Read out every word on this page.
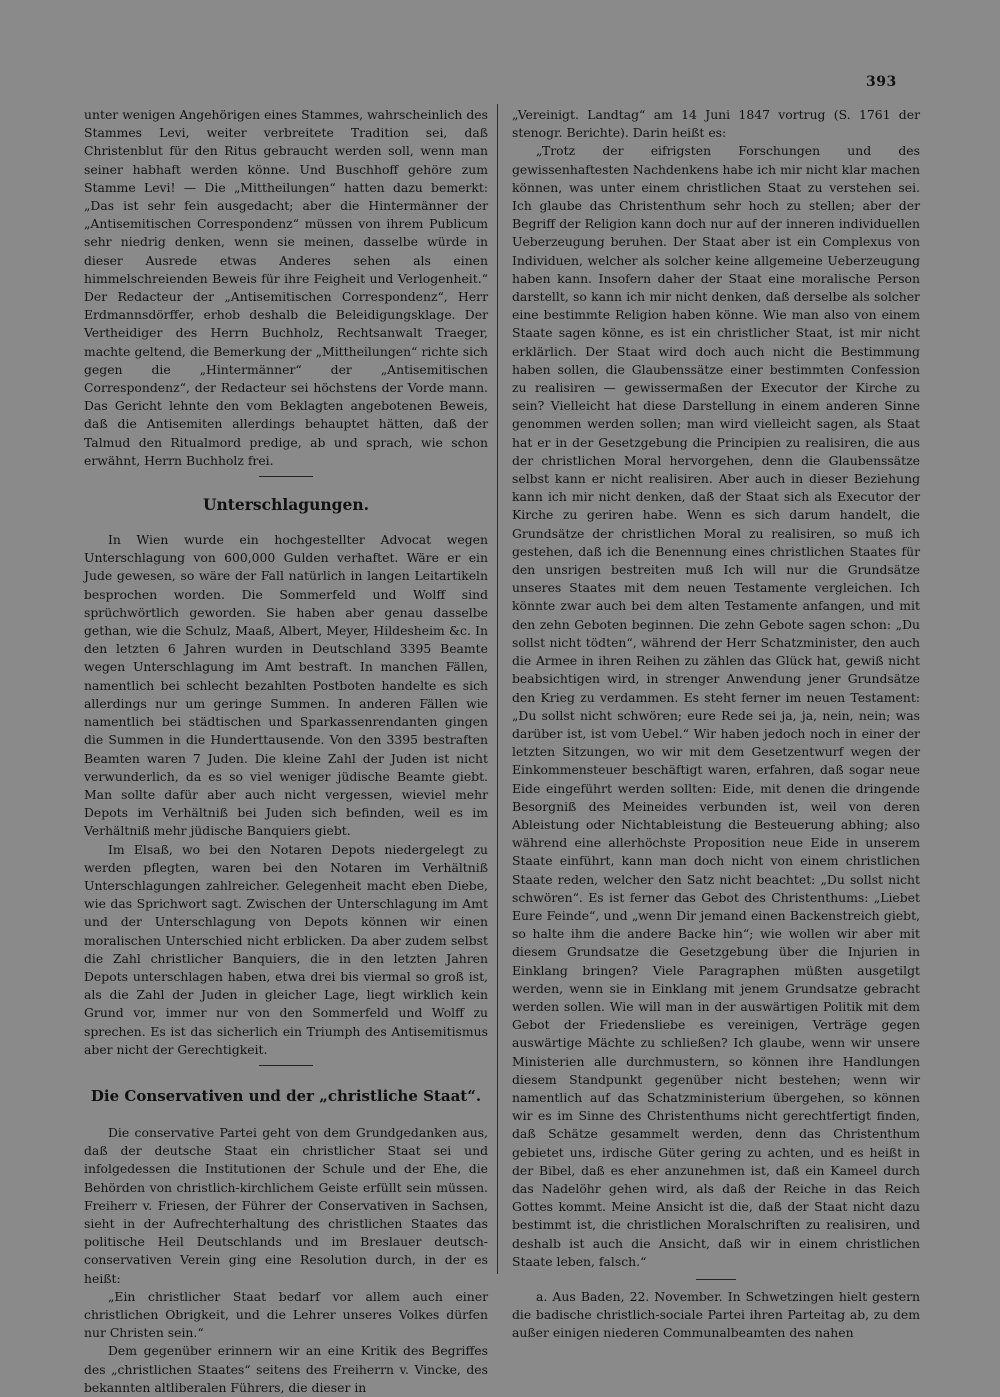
393

unter wenigen Angehörigen eines Stammes, wahrscheinlich des Stammes Levi, weiter verbreitete Tradition sei, daß Christenblut für den Ritus gebraucht werden soll, wenn man seiner habhaft werden könne. Und Buschhoff gehöre zum Stamme Levi! — Die „Mittheilungen“ hatten dazu bemerkt: „Das ist sehr fein ausgedacht; aber die Hintermänner der „Antisemitischen Correspondenz“ müssen von ihrem Publicum sehr niedrig denken, wenn sie meinen, dasselbe würde in dieser Ausrede etwas Anderes sehen als einen himmelschreienden Beweis für ihre Feigheit und Verlogenheit.“ Der Redacteur der „Antisemitischen Correspondenz“, Herr Erdmannsdörffer, erhob deshalb die Beleidigungsklage. Der Vertheidiger des Herrn Buchholz, Rechtsanwalt Traeger, machte geltend, die Bemerkung der „Mittheilungen“ richte sich gegen die „Hintermänner“ der „Antisemitischen Correspondenz“, der Redacteur sei höchstens der Vorde mann. Das Gericht lehnte den vom Beklagten angebotenen Beweis, daß die Antisemiten allerdings behauptet hätten, daß der Talmud den Ritualmord predige, ab und sprach, wie schon erwähnt, Herrn Buchholz frei.

Unterschlagungen.

In Wien wurde ein hochgestellter Advocat wegen Unterschlagung von 600,000 Gulden verhaftet. Wäre er ein Jude gewesen, so wäre der Fall natürlich in langen Leitartikeln besprochen worden. Die Sommerfeld und Wolff sind sprüchwörtlich geworden. Sie haben aber genau dasselbe gethan, wie die Schulz, Maaß, Albert, Meyer, Hildesheim &c. In den letzten 6 Jahren wurden in Deutschland 3395 Beamte wegen Unterschlagung im Amt bestraft. In manchen Fällen, namentlich bei schlecht bezahlten Postboten handelte es sich allerdings nur um geringe Summen. In anderen Fällen wie namentlich bei städtischen und Sparkassenrendanten gingen die Summen in die Hunderttausende. Von den 3395 bestraften Beamten waren 7 Juden. Die kleine Zahl der Juden ist nicht verwunderlich, da es so viel weniger jüdische Beamte giebt. Man sollte dafür aber auch nicht vergessen, wieviel mehr Depots im Verhältniß bei Juden sich befinden, weil es im Verhältniß mehr jüdische Banquiers giebt.

Im Elsaß, wo bei den Notaren Depots niedergelegt zu werden pflegten, waren bei den Notaren im Verhältniß Unterschlagungen zahlreicher. Gelegenheit macht eben Diebe, wie das Sprichwort sagt. Zwischen der Unterschlagung im Amt und der Unterschlagung von Depots können wir einen moralischen Unterschied nicht erblicken. Da aber zudem selbst die Zahl christlicher Banquiers, die in den letzten Jahren Depots unterschlagen haben, etwa drei bis viermal so groß ist, als die Zahl der Juden in gleicher Lage, liegt wirklich kein Grund vor, immer nur von den Sommerfeld und Wolff zu sprechen. Es ist das sicherlich ein Triumph des Antisemitismus aber nicht der Gerechtigkeit.

Die Conservativen und der „christliche Staat“.

Die conservative Partei geht von dem Grundgedanken aus, daß der deutsche Staat ein christlicher Staat sei und infolgedessen die Institutionen der Schule und der Ehe, die Behörden von christlich-kirchlichem Geiste erfüllt sein müssen. Freiherr v. Friesen, der Führer der Conservativen in Sachsen, sieht in der Aufrechterhaltung des christlichen Staates das politische Heil Deutschlands und im Breslauer deutsch-conservativen Verein ging eine Resolution durch, in der es heißt:

„Ein christlicher Staat bedarf vor allem auch einer christlichen Obrigkeit, und die Lehrer unseres Volkes dürfen nur Christen sein.“

Dem gegenüber erinnern wir an eine Kritik des Begriffes des „christlichen Staates“ seitens des Freiherrn v. Vincke, des bekannten altliberalen Führers, die dieser in

„Vereinigt. Landtag“ am 14 Juni 1847 vortrug (S. 1761 der stenogr. Berichte). Darin heißt es:

„Trotz der eifrigsten Forschungen und des gewissenhaftesten Nachdenkens habe ich mir nicht klar machen können, was unter einem christlichen Staat zu verstehen sei. Ich glaube das Christenthum sehr hoch zu stellen; aber der Begriff der Religion kann doch nur auf der inneren individuellen Ueberzeugung beruhen. Der Staat aber ist ein Complexus von Individuen, welcher als solcher keine allgemeine Ueberzeugung haben kann. Insofern daher der Staat eine moralische Person darstellt, so kann ich mir nicht denken, daß derselbe als solcher eine bestimmte Religion haben könne. Wie man also von einem Staate sagen könne, es ist ein christlicher Staat, ist mir nicht erklärlich. Der Staat wird doch auch nicht die Bestimmung haben sollen, die Glaubenssätze einer bestimmten Confession zu realisiren — gewissermaßen der Executor der Kirche zu sein? Vielleicht hat diese Darstellung in einem anderen Sinne genommen werden sollen; man wird vielleicht sagen, als Staat hat er in der Gesetzgebung die Principien zu realisiren, die aus der christlichen Moral hervorgehen, denn die Glaubenssätze selbst kann er nicht realisiren. Aber auch in dieser Beziehung kann ich mir nicht denken, daß der Staat sich als Executor der Kirche zu geriren habe. Wenn es sich darum handelt, die Grundsätze der christlichen Moral zu realisiren, so muß ich gestehen, daß ich die Benennung eines christlichen Staates für den unsrigen bestreiten muß Ich will nur die Grundsätze unseres Staates mit dem neuen Testamente vergleichen. Ich könnte zwar auch bei dem alten Testamente anfangen, und mit den zehn Geboten beginnen. Die zehn Gebote sagen schon: „Du sollst nicht tödten“, während der Herr Schatzminister, den auch die Armee in ihren Reihen zu zählen das Glück hat, gewiß nicht beabsichtigen wird, in strenger Anwendung jener Grundsätze den Krieg zu verdammen. Es steht ferner im neuen Testament: „Du sollst nicht schwören; eure Rede sei ja, ja, nein, nein; was darüber ist, ist vom Uebel.“ Wir haben jedoch noch in einer der letzten Sitzungen, wo wir mit dem Gesetzentwurf wegen der Einkommensteuer beschäftigt waren, erfahren, daß sogar neue Eide eingeführt werden sollten: Eide, mit denen die dringende Besorgniß des Meineides verbunden ist, weil von deren Ableistung oder Nichtableistung die Besteuerung abhing; also während eine allerhöchste Proposition neue Eide in unserem Staate einführt, kann man doch nicht von einem christlichen Staate reden, welcher den Satz nicht beachtet: „Du sollst nicht schwören“. Es ist ferner das Gebot des Christenthums: „Liebet Eure Feinde“, und „wenn Dir jemand einen Backenstreich giebt, so halte ihm die andere Backe hin“; wie wollen wir aber mit diesem Grundsatze die Gesetzgebung über die Injurien in Einklang bringen? Viele Paragraphen müßten ausgetilgt werden, wenn sie in Einklang mit jenem Grundsatze gebracht werden sollen. Wie will man in der auswärtigen Politik mit dem Gebot der Friedensliebe es vereinigen, Verträge gegen auswärtige Mächte zu schließen? Ich glaube, wenn wir unsere Ministerien alle durchmustern, so können ihre Handlungen diesem Standpunkt gegenüber nicht bestehen; wenn wir namentlich auf das Schatzministerium übergehen, so können wir es im Sinne des Christenthums nicht gerechtfertigt finden, daß Schätze gesammelt werden, denn das Christenthum gebietet uns, irdische Güter gering zu achten, und es heißt in der Bibel, daß es eher anzunehmen ist, daß ein Kameel durch das Nadelöhr gehen wird, als daß der Reiche in das Reich Gottes kommt. Meine Ansicht ist die, daß der Staat nicht dazu bestimmt ist, die christlichen Moralschriften zu realisiren, und deshalb ist auch die Ansicht, daß wir in einem christlichen Staate leben, falsch.“

a. Aus Baden, 22. November. In Schwetzingen hielt gestern die badische christlich-sociale Partei ihren Parteitag ab, zu dem außer einigen niederen Communalbeamten des nahen
